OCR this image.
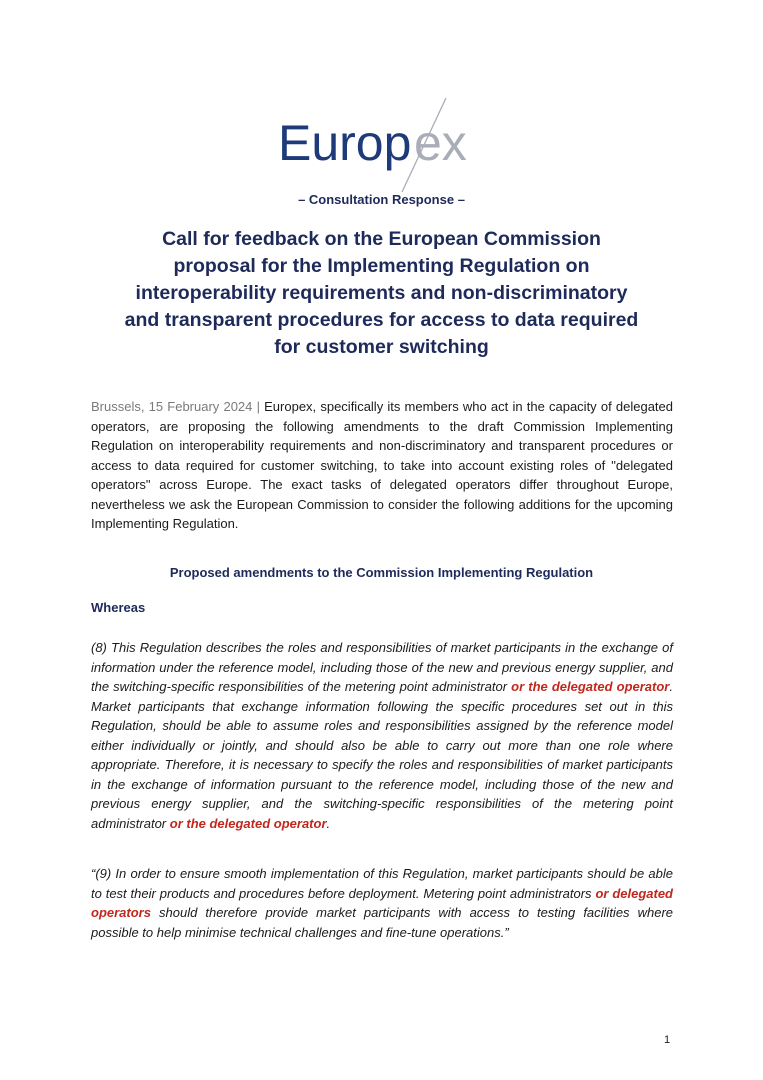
Europ ex
– Consultation Response –
Call for feedback on the European Commission
proposal for the Implementing Regulation on
interoperability requirements and non-discriminatory
and transparent procedures for access to data required
for customer switching
Brussels, 15 February 2024 | Europex, specifically its members who act in the capacity of delegated operators, are proposing the following amendments to the draft Commission Implementing Regulation on interoperability requirements and non-discriminatory and transparent procedures or access to data required for customer switching, to take into account existing roles of "delegated operators" across Europe. The exact tasks of delegated operators differ throughout Europe, nevertheless we ask the European Commission to consider the following additions for the upcoming Implementing Regulation.
Proposed amendments to the Commission Implementing Regulation
Whereas
(8) This Regulation describes the roles and responsibilities of market participants in the exchange of information under the reference model, including those of the new and previous energy supplier, and the switching-specific responsibilities of the metering point administrator or the delegated operator. Market participants that exchange information following the specific procedures set out in this Regulation, should be able to assume roles and responsibilities assigned by the reference model either individually or jointly, and should also be able to carry out more than one role where appropriate. Therefore, it is necessary to specify the roles and responsibilities of market participants in the exchange of information pursuant to the reference model, including those of the new and previous energy supplier, and the switching-specific responsibilities of the metering point administrator or the delegated operator.
“(9) In order to ensure smooth implementation of this Regulation, market participants should be able to test their products and procedures before deployment. Metering point administrators or delegated operators should therefore provide market participants with access to testing facilities where possible to help minimise technical challenges and fine-tune operations.”
1
